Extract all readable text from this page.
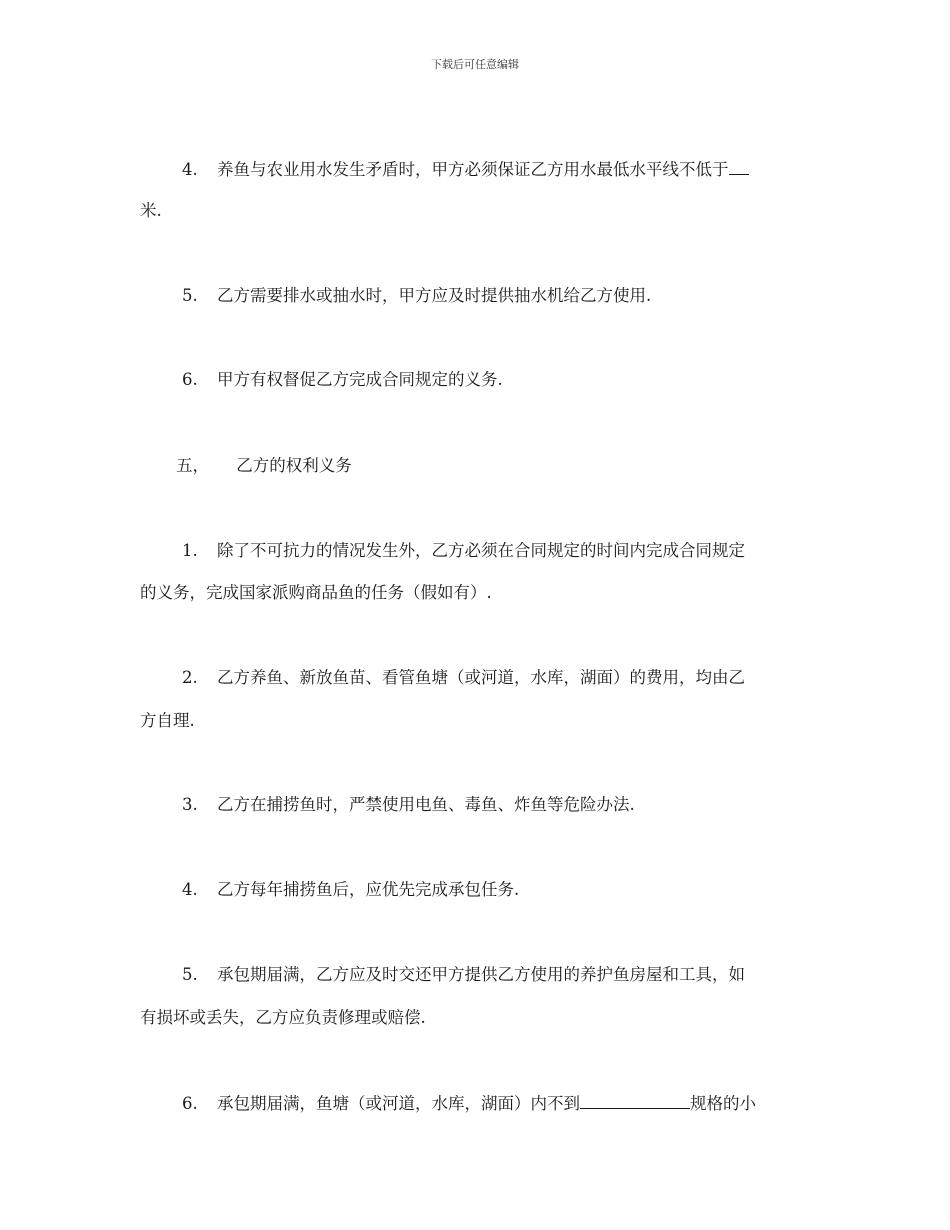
下载后可任意编辑
4. 养鱼与农业用水发生矛盾时，甲方必须保证乙方用水最低水平线不低于
米.
5. 乙方需要排水或抽水时，甲方应及时提供抽水机给乙方使用.
6. 甲方有权督促乙方完成合同规定的义务.
五， 乙方的权利义务
1. 除了不可抗力的情况发生外，乙方必须在合同规定的时间内完成合同规定
的义务，完成国家派购商品鱼的任务（假如有）.
2. 乙方养鱼、新放鱼苗、看管鱼塘（或河道，水库，湖面）的费用，均由乙
方自理.
3. 乙方在捕捞鱼时，严禁使用电鱼、毒鱼、炸鱼等危险办法.
4. 乙方每年捕捞鱼后，应优先完成承包任务.
5. 承包期届满，乙方应及时交还甲方提供乙方使用的养护鱼房屋和工具，如
有损坏或丢失，乙方应负责修理或赔偿.
6. 承包期届满，鱼塘（或河道，水库，湖面）内不到	规格的小
